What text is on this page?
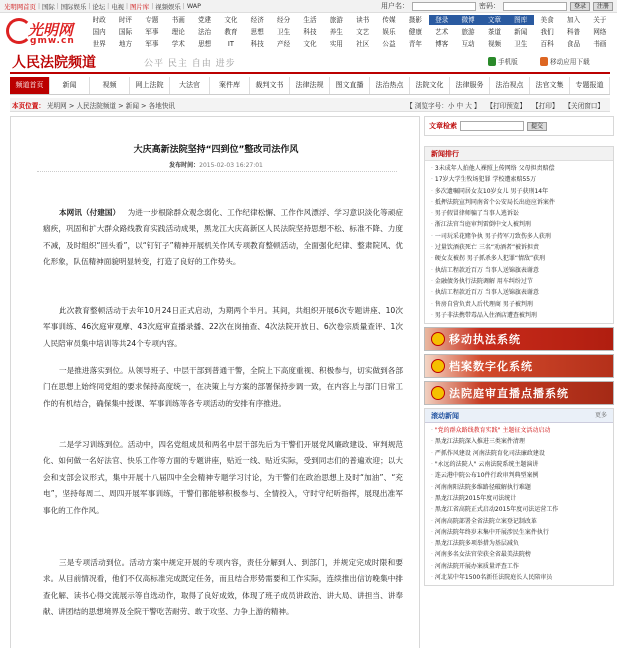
光明网首页 | 国际 | 国际娱乐 | 论坛 | 电视 | 图片库 | 视频娱乐 | WAP	用户名：	密码：	登录	注册
光明网
gmw.cn
时政	时评	专题	书画	党建	文化	经济	经分	生活	旅游	读书	传媒	摄影	登录	微博	文章	图库	美食	加入	关于
国内	国际	军事	理论	法治	教育	思想	卫生	科技	养生	文艺	娱乐	健康	艺术	旅游	茶道	新闻	我们	科普	网络
世界	地方	军事	学术	思想	IT	科技	产经	文化	实用	社区	公益	青年	博客	互动	视频	卫生	百科	食品	书画
人民法院频道	公平 民主 自由 进步	手机版	移动应用下载
频道首页	新闻	视频	网上法院	大法官	案件库	裁判文书	法律法规	图文直播	法治热点	法院文化	法律服务	法治视点	法官文集	专题报道
本页位置： 光明网 > 人民法院频道 > 新闻 > 各地快讯	【 浏览字号：小 中 大 】 【打印预览】 【打印】 【关闭窗口】
大庆高新法院坚持“四到位”整改司法作风
发布时间：2015-02-03 16:27:01
本网讯（付建国） 为进一步根除群众观念弱化、工作纪律松懈、工作作风漂浮、学习意识淡化等顽症痼疾，巩固和扩大群众路线教育实践活动成果，黑龙江大庆高新区人民法院坚持思想不松、标准不降、力度不减，及时组织“回头看”，以“钉钉子”精神开展机关作风专项教育整顿活动，全面强化纪律、整肃院风、优化形象，队伍精神面貌明显转变，打造了良好的工作势头。
此次教育整顿活动于去年10月24日正式启动，为期两个半月。其间，共组织开展6次专题讲座、10次军事训练、46次庭审观摩、43次庭审直播录播、22次在岗抽查、4次法院开放日、6次卷宗质量查评、1次人民陪审员集中培训等共24个专项内容。
一是推进落实到位。从领导班子、中层干部到普通干警，全院上下高度重视、积极参与，切实做到各部门在思想上始终同党组的要求保持高度统一，在决策上与方案的部署保持步调一致，在内容上与部门日常工作的有机结合，确保集中授课、军事训练等各专项活动的安排有序推进。
二是学习训练到位。活动中，四名党组成员和两名中层干部先后为干警们开展党风廉政建设、审判规范化、如何做一名好法官、快乐工作等方面的专题讲座，贴近一线、贴近实际，受到同志们的普遍欢迎；以大会和支部会议形式，集中开展十八届四中全会精神专题学习讨论，为干警们在政治思想上及时“加油”、“充电”，坚持每周二、周四开展军事训练，干警们都能够积极参与、全情投入，守时守纪听指挥，展现出准军事化的工作作风。
三是专项活动到位。活动方案中规定开展的专项内容，责任分解到人、到部门，并规定完成时限和要求。从目前情况看，他们不仅高标准完成既定任务，而且结合形势需要和工作实际，连续推出信访晚集中排查化解、读书心得交流展示等自选动作，取得了良好成效，体现了班子成员讲政治、讲大局、讲担当、讲奉献、讲团结的思想境界及全院干警吃苦耐劳、敢于攻坚、力争上游的精神。
文章检索	提交
新闻排行
· 3未成年人拍他人裸照上传网络 父母担责赔偿
· 17岁大学生牧场犯罪 学校遭索赔55万
· 多次遗嘱同居女友10岁女儿 男子获刑14年
· 抵押法院宣判同南省个公安局长出庭应诉案件
· 男子假冒律师骗了当事人逃诉讼
· 浙江法官当庭审判雷倒中文人被判刑
· 一司玩采花赌争执 男子持军刀致伤多人获刑
· 过量饮酒获死亡 三名“劝酒者”被诉担责
· 硬女友被拐 男子抓杀多人犯罪“情敌”获刑
· 执结工程款近百万 当事人送锦旗表谢意
· 金融债务执行法院调解 用车纠纷过节
· 执结工程款近百万 当事人送锦旗表谢意
· 售房自营负责人后代理商 男子被判刑
· 男子非法携带毒品入住酒店遭查被判刑
移动执法系统
档案数字化系统
法院庭审直播点播系统
滚动新闻	更多
· "党的群众路线教育实践" 主题征文活动启动
· 黑龙江法院深入推进三类案件清理
· 严抓作风建设 河南法院育化司法廉政建设
· "永远的法院人" 云南法院系统主题演讲
· 连云港中院公布10件行政审判典型案例
· 河南南阳法院多维路径破解执行难题
· 黑龙江法院2015年度司法统计
· 黑龙江省高院正式启动2015年度司法运营工作
· 河南高院部署全省法院立案登记制改革
· 河南法院年终岁末集中开展涉民生案件执行
· 黑龙江法院多项举措为基层减负
· 河南多名女法官荣获全省最美法院榜
· 河南法院开展办案质量评查工作
· 河北某中年1500名新任法院庭长人民陪审员
